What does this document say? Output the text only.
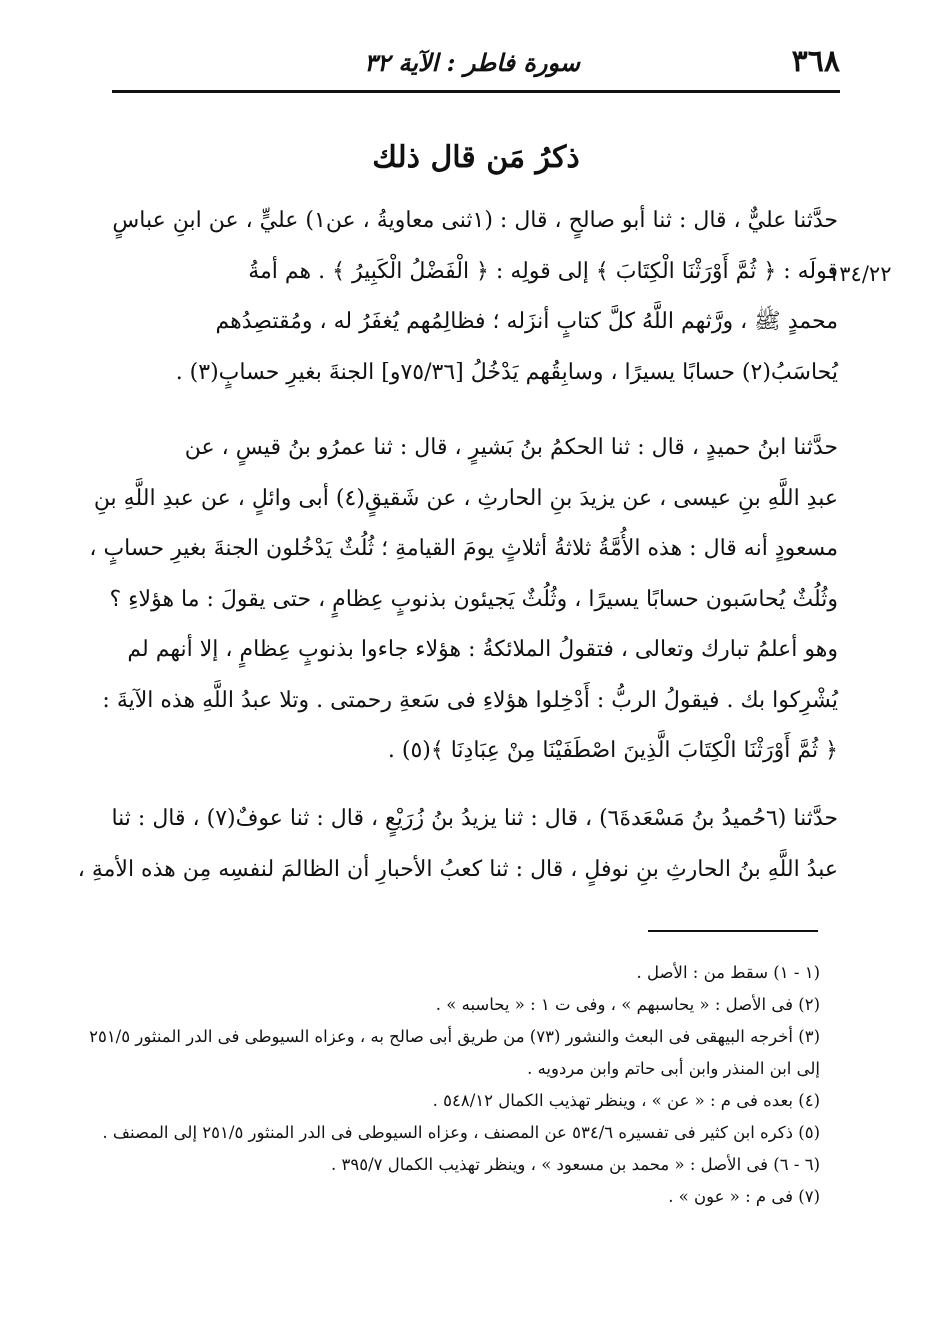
٣٦٨
سورة فاطر : الآية ٣٢
ذكرُ مَن قال ذلك
١٣٤/٢٢
حدَّثنا عليٌّ ، قال : ثنا أبو صالحٍ ، قال : (١ثنى معاويةُ ، عن١) عليٍّ ، عن ابنِ عباسٍ
قولَه : ﴿ ثُمَّ أَوْرَثْنَا الْكِتَابَ ﴾ إلى قولِه : ﴿ الْفَضْلُ الْكَبِيرُ ﴾ . هم أمةُ
محمدٍ ﷺ ، ورَّثهم اللَّهُ كلَّ كتابٍ أنزَله ؛ فظالِمُهم يُغفَرُ له ، ومُقتصِدُهم
يُحاسَبُ(٢) حسابًا يسيرًا ، وسابِقُهم يَدْخُلُ [٧٥/٣٦و] الجنةَ بغيرِ حسابٍ(٣) .
حدَّثنا ابنُ حميدٍ ، قال : ثنا الحكمُ بنُ بَشيرٍ ، قال : ثنا عمرُو بنُ قيسٍ ، عن
عبدِ اللَّهِ بنِ عيسى ، عن يزيدَ بنِ الحارثِ ، عن شَقيقٍ(٤) أبى وائلٍ ، عن عبدِ اللَّهِ بنِ
مسعودٍ أنه قال : هذه الأُمَّةُ ثلاثةُ أثلاثٍ يومَ القيامةِ ؛ ثُلُثٌ يَدْخُلون الجنةَ بغيرِ حسابٍ ،
وثُلُثٌ يُحاسَبون حسابًا يسيرًا ، وثُلُثٌ يَجيئون بذنوبٍ عِظامٍ ، حتى يقولَ : ما هؤلاءِ ؟
وهو أعلمُ تبارك وتعالى ، فتقولُ الملائكةُ : هؤلاء جاءوا بذنوبٍ عِظامٍ ، إلا أنهم لم
يُشْرِكوا بك . فيقولُ الربُّ : أَدْخِلوا هؤلاءِ فى سَعةِ رحمتى . وتلا عبدُ اللَّهِ هذه الآيةَ :
﴿ ثُمَّ أَوْرَثْنَا الْكِتَابَ الَّذِينَ اصْطَفَيْنَا مِنْ عِبَادِنَا ﴾(٥) .
حدَّثنا (٦حُميدُ بنُ مَسْعَدةَ٦) ، قال : ثنا يزيدُ بنُ زُرَيْعٍ ، قال : ثنا عوفٌ(٧) ، قال : ثنا
عبدُ اللَّهِ بنُ الحارثِ بنِ نوفلٍ ، قال : ثنا كعبُ الأحبارِ أن الظالمَ لنفسِه مِن هذه الأمةِ ،
(١ - ١) سقط من : الأصل .
(٢) فى الأصل : « يحاسبهم » ، وفى ت ١ : « يحاسبه » .
(٣) أخرجه البيهقى فى البعث والنشور (٧٣) من طريق أبى صالح به ، وعزاه السيوطى فى الدر المنثور ٢٥١/٥
إلى ابن المنذر وابن أبى حاتم وابن مردويه .
(٤) بعده فى م : « عن » ، وينظر تهذيب الكمال ٥٤٨/١٢ .
(٥) ذكره ابن كثير فى تفسيره ٥٣٤/٦ عن المصنف ، وعزاه السيوطى فى الدر المنثور ٢٥١/٥ إلى المصنف .
(٦ - ٦) فى الأصل : « محمد بن مسعود » ، وينظر تهذيب الكمال ٣٩٥/٧ .
(٧) فى م : « عون » .
